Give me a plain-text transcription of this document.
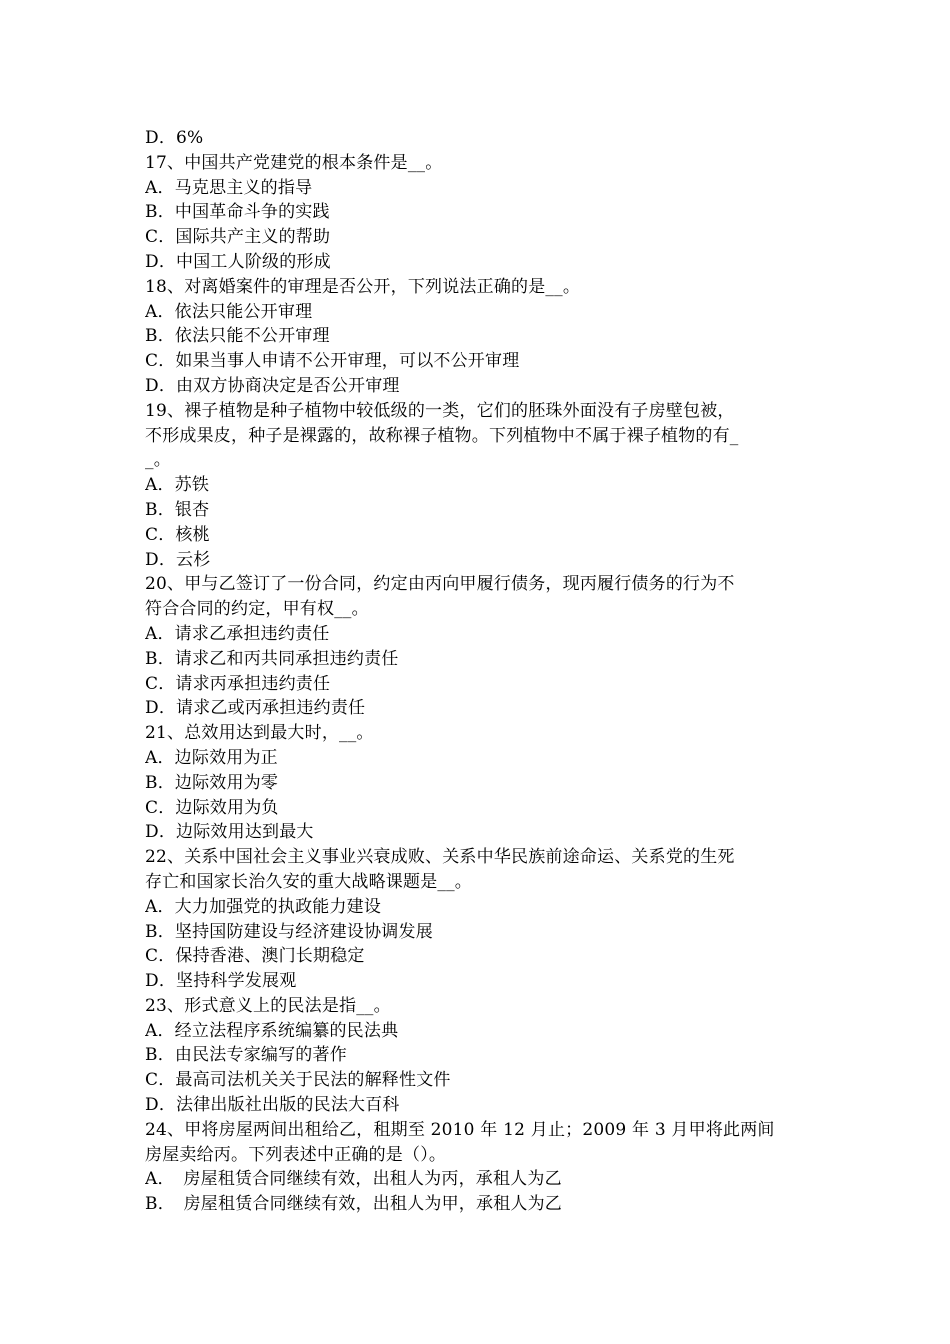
D．6%
17、中国共产党建党的根本条件是__。
A．马克思主义的指导
B．中国革命斗争的实践
C．国际共产主义的帮助
D．中国工人阶级的形成
18、对离婚案件的审理是否公开，下列说法正确的是__。
A．依法只能公开审理
B．依法只能不公开审理
C．如果当事人申请不公开审理，可以不公开审理
D．由双方协商决定是否公开审理
19、裸子植物是种子植物中较低级的一类，它们的胚珠外面没有子房壁包被，
不形成果皮，种子是裸露的，故称裸子植物。下列植物中不属于裸子植物的有_
_。
A．苏铁
B．银杏
C．核桃
D．云杉
20、甲与乙签订了一份合同，约定由丙向甲履行债务，现丙履行债务的行为不
符合合同的约定，甲有权__。
A．请求乙承担违约责任
B．请求乙和丙共同承担违约责任
C．请求丙承担违约责任
D．请求乙或丙承担违约责任
21、总效用达到最大时，__。
A．边际效用为正
B．边际效用为零
C．边际效用为负
D．边际效用达到最大
22、关系中国社会主义事业兴衰成败、关系中华民族前途命运、关系党的生死
存亡和国家长治久安的重大战略课题是__。
A．大力加强党的执政能力建设
B．坚持国防建设与经济建设协调发展
C．保持香港、澳门长期稳定
D．坚持科学发展观
23、形式意义上的民法是指__。
A．经立法程序系统编纂的民法典
B．由民法专家编写的著作
C．最高司法机关关于民法的解释性文件
D．法律出版社出版的民法大百科
24、甲将房屋两间出租给乙，租期至 2010 年 12 月止；2009 年 3 月甲将此两间
房屋卖给丙。下列表述中正确的是（）。
A．　房屋租赁合同继续有效，出租人为丙，承租人为乙
B．　房屋租赁合同继续有效，出租人为甲，承租人为乙
